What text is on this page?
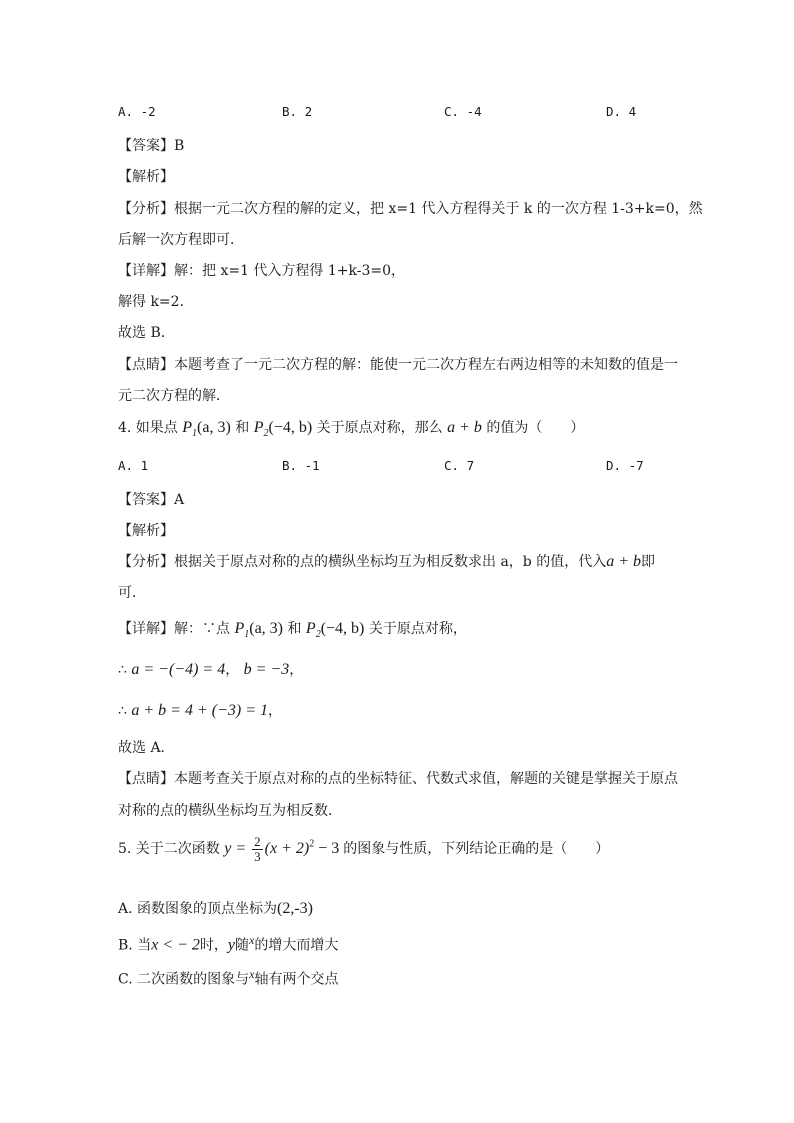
A. -2	B. 2	C. -4	D. 4
【答案】B
【解析】
【分析】根据一元二次方程的解的定义，把 x=1 代入方程得关于 k 的一次方程 1-3+k=0，然
后解一次方程即可．
【详解】解：把 x=1 代入方程得 1+k-3=0，
解得 k=2．
故选 B．
【点睛】本题考查了一元二次方程的解：能使一元二次方程左右两边相等的未知数的值是一
元二次方程的解．
4. 如果点 $P_1(a$, 3) 和 $P_2(-4$, b) 关于原点对称，那么 a + b 的值为（　　）
A. 1	B. -1	C. 7	D. -7
【答案】A
【解析】
【分析】根据关于原点对称的点的横纵坐标均互为相反数求出 a，b 的值，代入a + b即
可．
【详解】解：∵点 $P_1(a$, 3) 和 $P_2(-4$, b) 关于原点对称，
∴ a = −(−4) = 4， b = −3，
∴ a + b = 4 + (−3) = 1，
故选 A．
【点睛】本题考查关于原点对称的点的坐标特征、代数式求值，解题的关键是掌握关于原点
对称的点的横纵坐标均互为相反数．
5. 关于二次函数 $y = \frac{2}{3} (x + 2)^2 - 3$ 的图象与性质，下列结论正确的是（　　）
A. 函数图象的顶点坐标为(2,-3)
B. 当x < − 2时，y随x的增大而增大
C. 二次函数的图象与x轴有两个交点
